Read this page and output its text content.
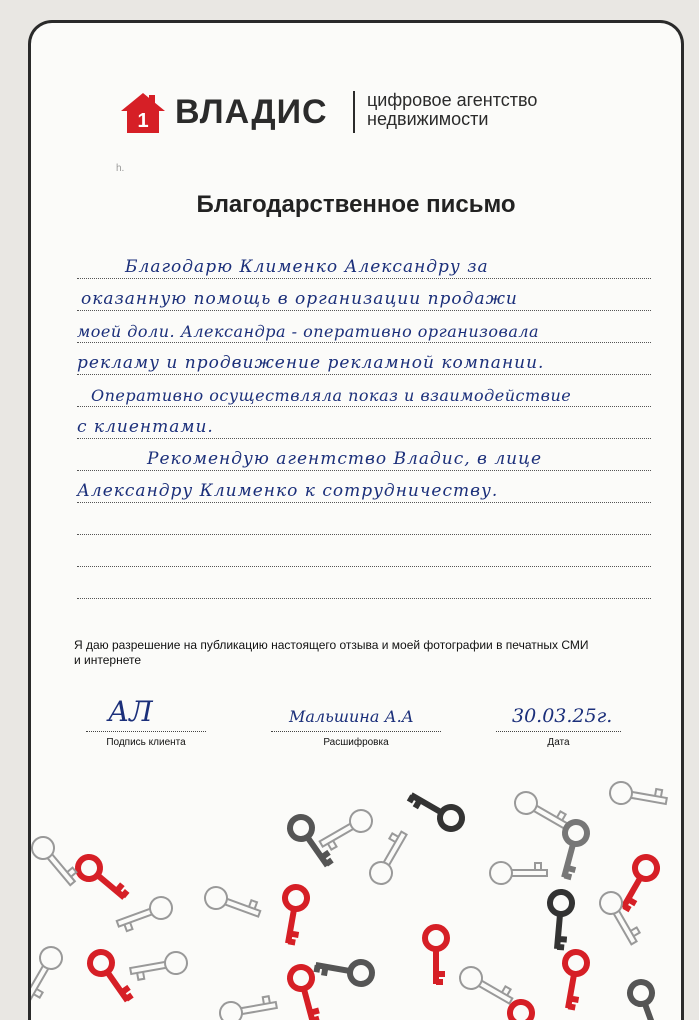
1 ВЛАДИС цифровое агентство
недвижимости
h.
Благодарственное письмо
Благодарю Клименко Александру за
оказанную помощь в организации продажи
моей доли. Александра - оперативно организовала
рекламу и продвижение рекламной компании.
Оперативно осуществляла показ и взаимодействие
с клиентами.
Рекомендую агентство Владис, в лице
Александру Клименко к сотрудничеству.
Я даю разрешение на публикацию настоящего отзыва и моей фотографии в печатных СМИ и интернете
АЛ
Подпись клиента
Мальшина А.А
Расшифровка
30.03.25г.
Дата
